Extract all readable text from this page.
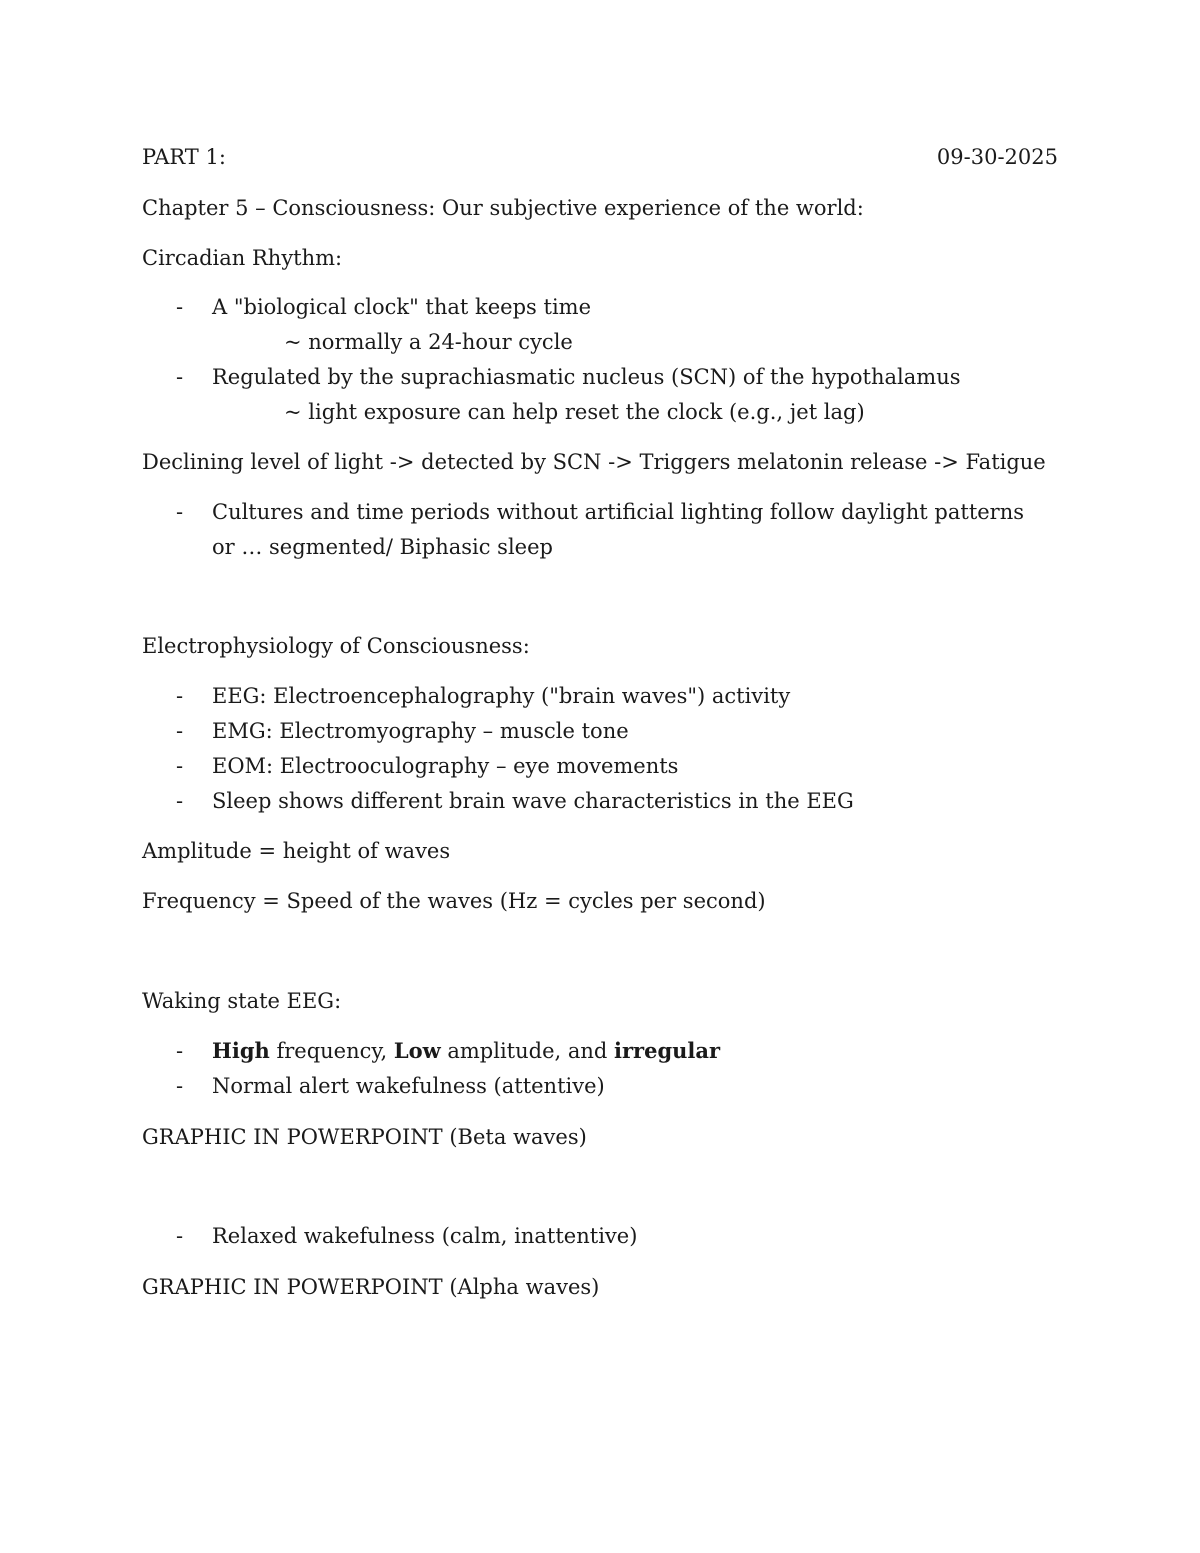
PART 1:	09-30-2025
Chapter 5 – Consciousness: Our subjective experience of the world:
Circadian Rhythm:
- A "biological clock" that keeps time
~ normally a 24-hour cycle
- Regulated by the suprachiasmatic nucleus (SCN) of the hypothalamus
~ light exposure can help reset the clock (e.g., jet lag)
Declining level of light -> detected by SCN -> Triggers melatonin release -> Fatigue
- Cultures and time periods without artificial lighting follow daylight patterns
or … segmented/ Biphasic sleep
Electrophysiology of Consciousness:
- EEG: Electroencephalography ("brain waves") activity
- EMG: Electromyography – muscle tone
- EOM: Electrooculography – eye movements
- Sleep shows different brain wave characteristics in the EEG
Amplitude = height of waves
Frequency = Speed of the waves (Hz = cycles per second)
Waking state EEG:
- High frequency, Low amplitude, and irregular
- Normal alert wakefulness (attentive)
GRAPHIC IN POWERPOINT (Beta waves)
- Relaxed wakefulness (calm, inattentive)
GRAPHIC IN POWERPOINT (Alpha waves)
